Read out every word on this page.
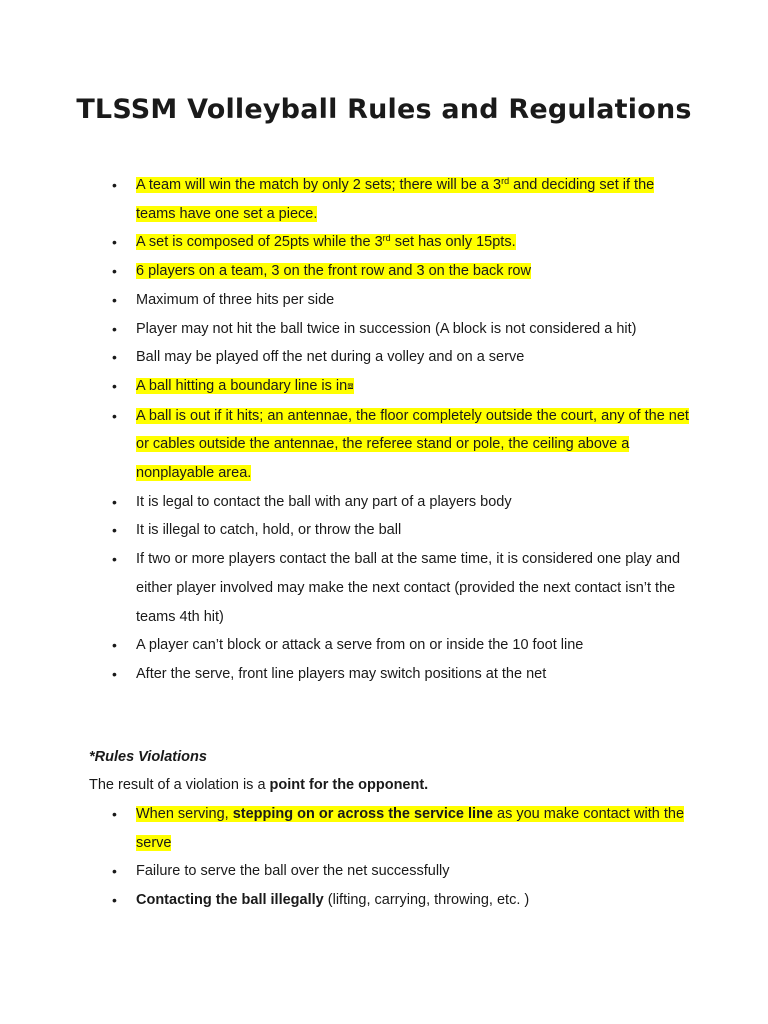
TLSSM Volleyball Rules and Regulations
• A team will win the match by only 2 sets; there will be a 3rd and deciding set if the teams have one set a piece.
• A set is composed of 25pts while the 3rd set has only 15pts.
• 6 players on a team, 3 on the front row and 3 on the back row
• Maximum of three hits per side
• Player may not hit the ball twice in succession (A block is not considered a hit)
• Ball may be played off the net during a volley and on a serve
• A ball hitting a boundary line is in⧈
• A ball is out if it hits; an antennae, the floor completely outside the court, any of the net or cables outside the antennae, the referee stand or pole, the ceiling above a nonplayable area.
• It is legal to contact the ball with any part of a players body
• It is illegal to catch, hold, or throw the ball
• If two or more players contact the ball at the same time, it is considered one play and either player involved may make the next contact (provided the next contact isn’t the teams 4th hit)
• A player can’t block or attack a serve from on or inside the 10 foot line
• After the serve, front line players may switch positions at the net

*Rules Violations

The result of a violation is a point for the opponent.

• When serving, stepping on or across the service line as you make contact with the serve
• Failure to serve the ball over the net successfully
• Contacting the ball illegally (lifting, carrying, throwing, etc. )
